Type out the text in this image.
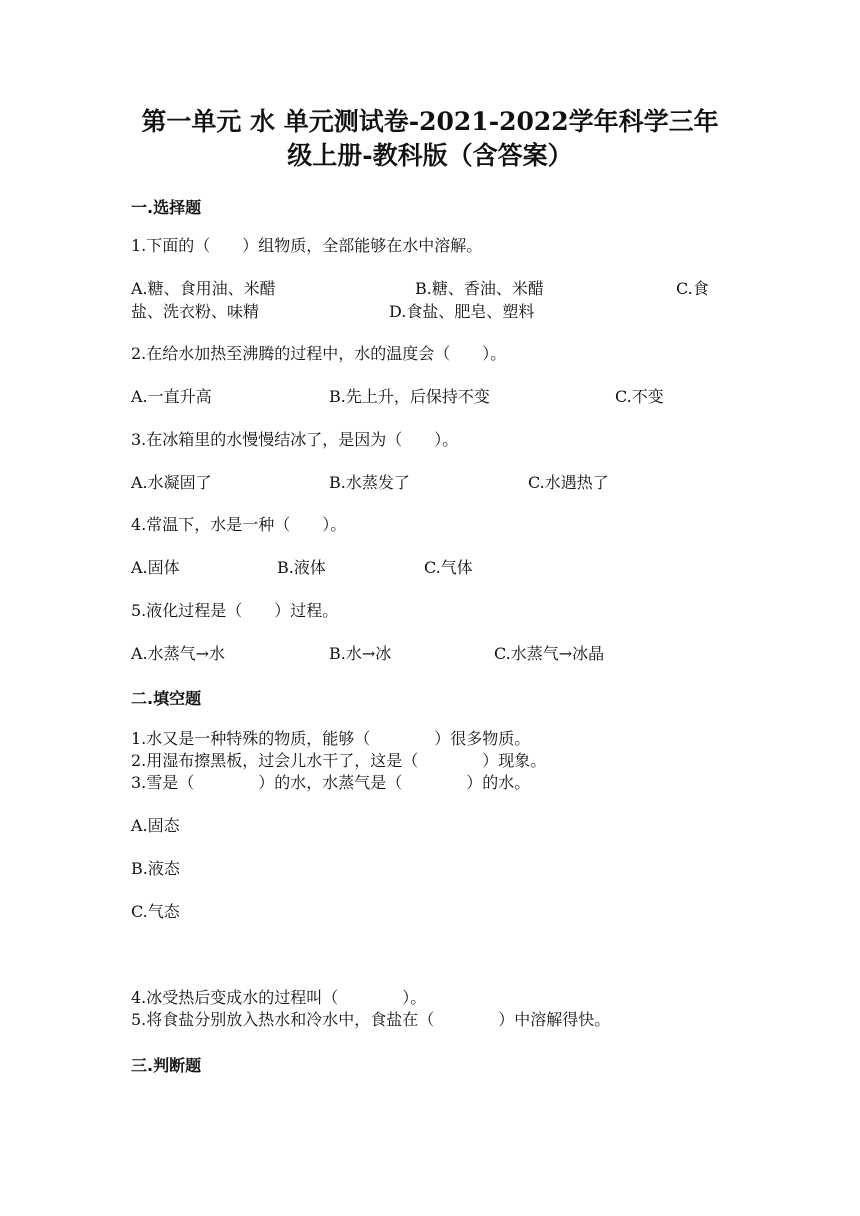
第一单元 水 单元测试卷-2021-2022学年科学三年
级上册-教科版（含答案）
一.选择题
1.下面的（　　）组物质，全部能够在水中溶解。
A.糖、食用油、米醋	B.糖、香油、米醋	C.食
盐、洗衣粉、味精	D.食盐、肥皂、塑料
2.在给水加热至沸腾的过程中，水的温度会（　　）。
A.一直升高	B.先上升，后保持不变	C.不变
3.在冰箱里的水慢慢结冰了，是因为（　　）。
A.水凝固了	B.水蒸发了	C.水遇热了
4.常温下，水是一种（　　）。
A.固体	B.液体	C.气体
5.液化过程是（　　）过程。
A.水蒸气→水	B.水→冰	C.水蒸气→冰晶
二.填空题
1.水又是一种特殊的物质，能够（　　　　）很多物质。
2.用湿布擦黑板，过会儿水干了，这是（　　　　）现象。
3.雪是（　　　　）的水，水蒸气是（　　　　）的水。
A.固态
B.液态
C.气态
4.冰受热后变成水的过程叫（　　　　）。
5.将食盐分别放入热水和冷水中，食盐在（　　　　）中溶解得快。
三.判断题
